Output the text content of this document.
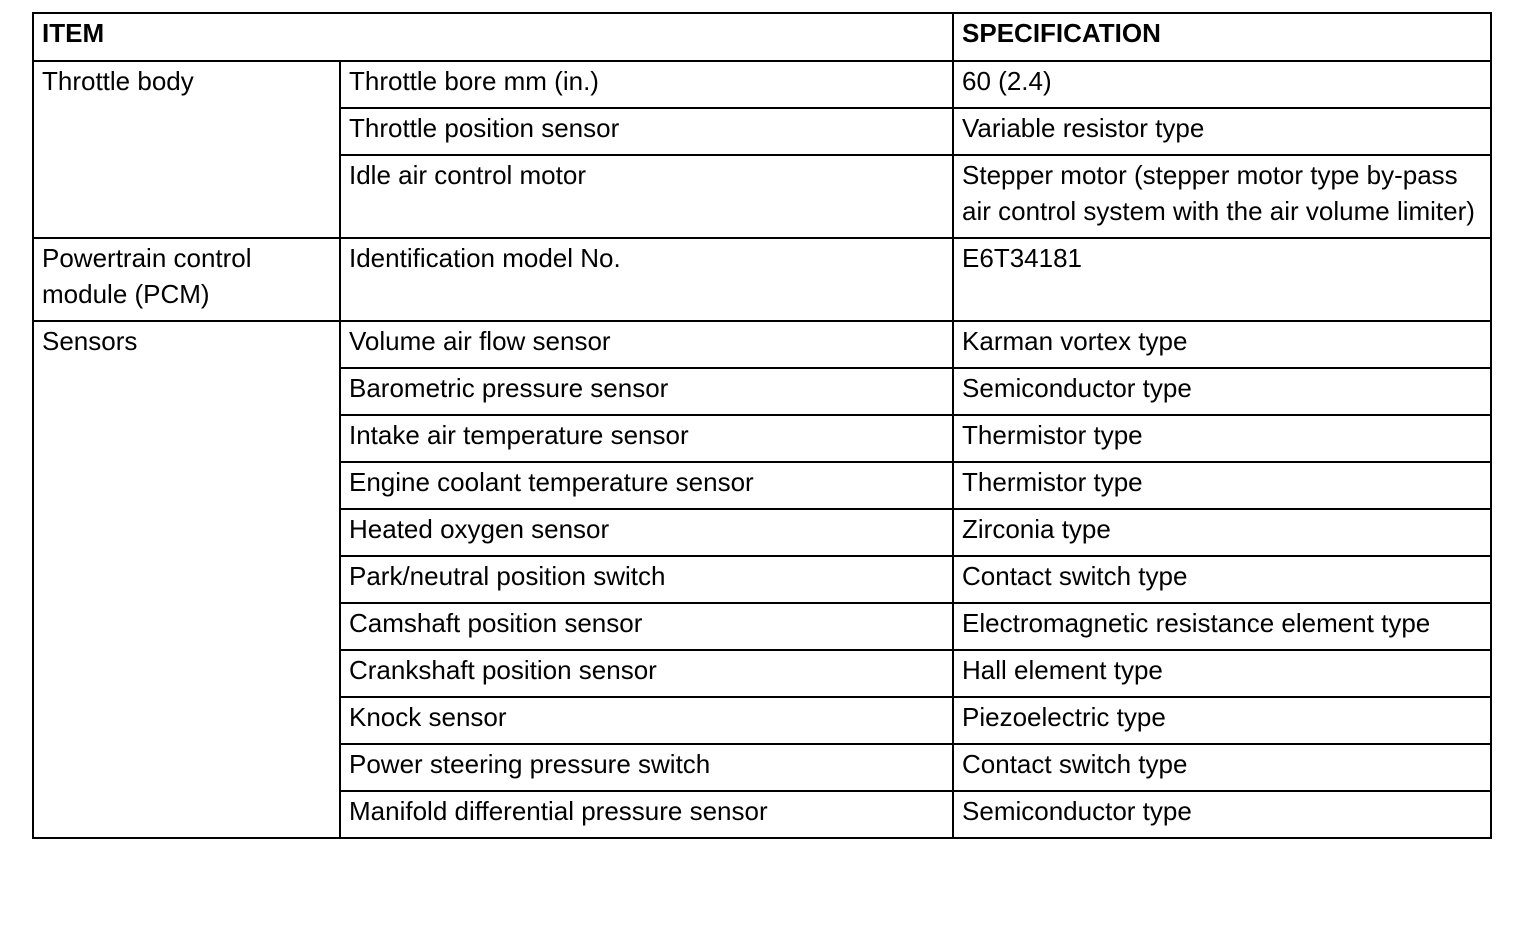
ITEM		SPECIFICATION

Throttle body	Throttle bore mm (in.)	60 (2.4)
	Throttle position sensor	Variable resistor type
	Idle air control motor	Stepper motor (stepper motor type by-pass air control system with the air volume limiter)
Powertrain control module (PCM)	Identification model No.	E6T34181
Sensors	Volume air flow sensor	Karman vortex type
	Barometric pressure sensor	Semiconductor type
	Intake air temperature sensor	Thermistor type
	Engine coolant temperature sensor	Thermistor type
	Heated oxygen sensor	Zirconia type
	Park/neutral position switch	Contact switch type
	Camshaft position sensor	Electromagnetic resistance element type
	Crankshaft position sensor	Hall element type
	Knock sensor	Piezoelectric type
	Power steering pressure switch	Contact switch type
	Manifold differential pressure sensor	Semiconductor type
